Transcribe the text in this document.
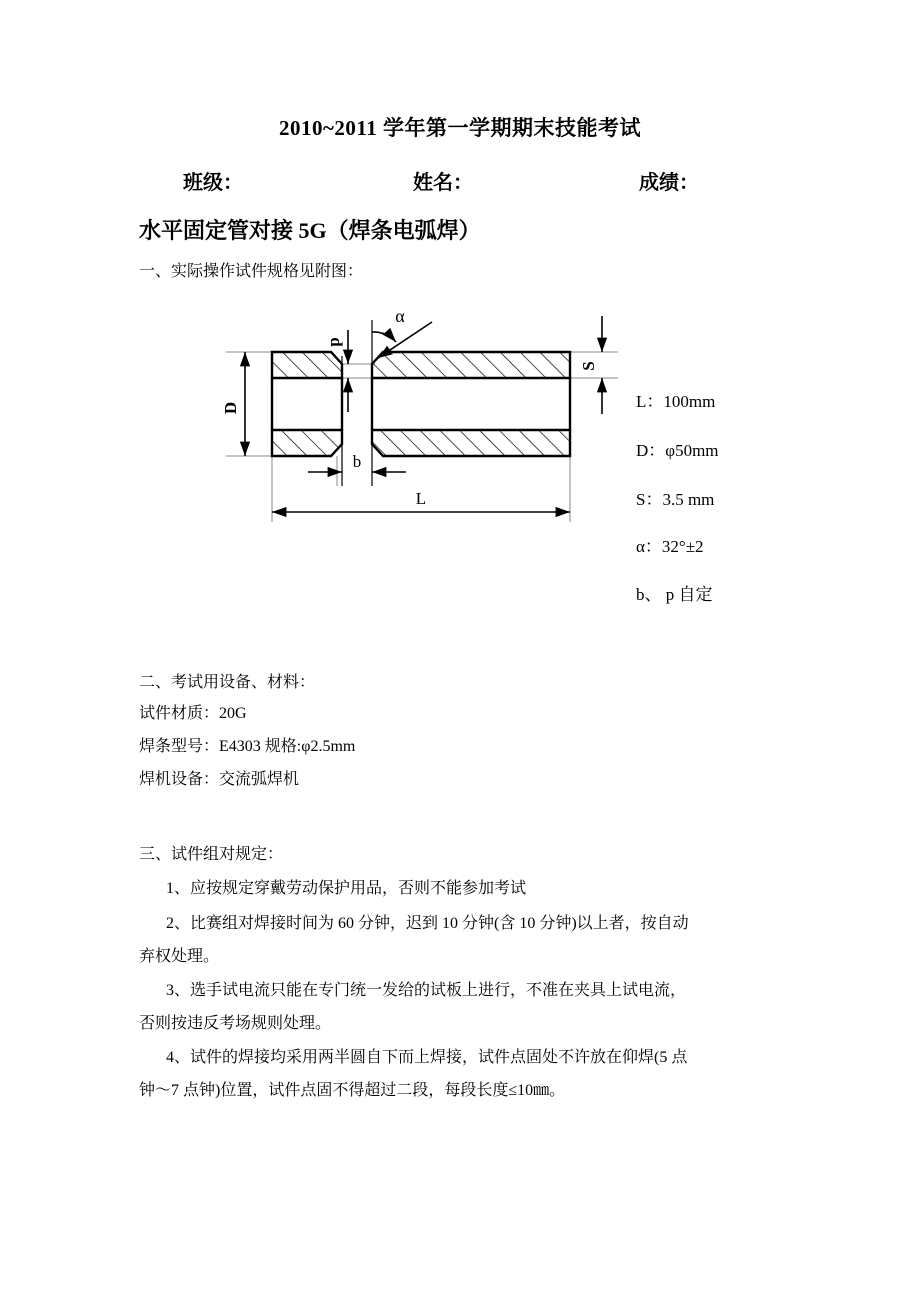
2010~2011 学年第一学期期末技能考试
班级：	姓名：	成绩：
水平固定管对接 5G（焊条电弧焊）
一、实际操作试件规格见附图：
D
S
p
α
b
L
L：100mm
D：φ50mm
S：3.5 mm
α：32°±2
b、 p 自定
二、考试用设备、材料：
试件材质：20G
焊条型号：E4303 规格:φ2.5mm
焊机设备：交流弧焊机
三、试件组对规定：
1、应按规定穿戴劳动保护用品，否则不能参加考试
2、比赛组对焊接时间为 60 分钟，迟到 10 分钟(含 10 分钟)以上者，按自动
弃权处理。
3、选手试电流只能在专门统一发给的试板上进行，不准在夹具上试电流，
否则按违反考场规则处理。
4、试件的焊接均采用两半圆自下而上焊接，试件点固处不许放在仰焊(5 点
钟～7 点钟)位置，试件点固不得超过二段，每段长度≤10㎜。
